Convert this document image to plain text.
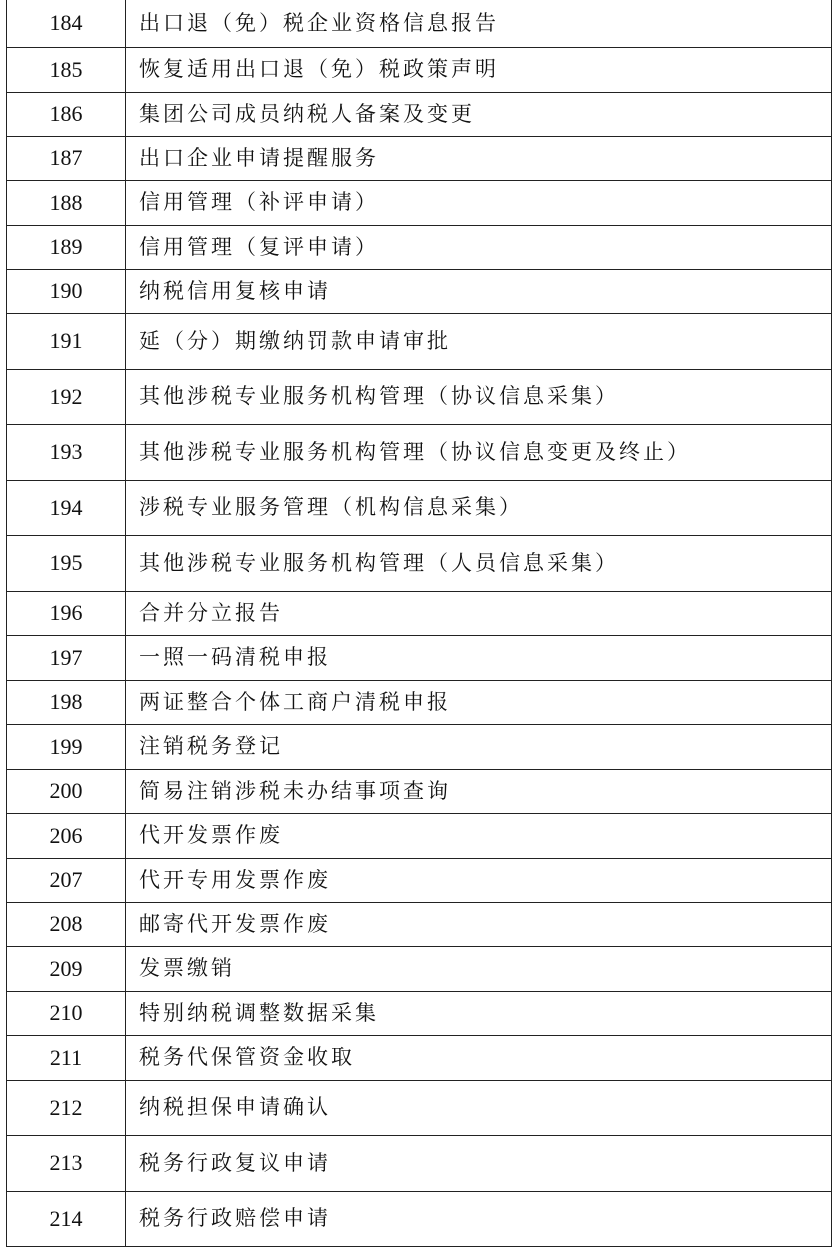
184	出口退（免）税企业资格信息报告
185	恢复适用出口退（免）税政策声明
186	集团公司成员纳税人备案及变更
187	出口企业申请提醒服务
188	信用管理（补评申请）
189	信用管理（复评申请）
190	纳税信用复核申请
191	延（分）期缴纳罚款申请审批
192	其他涉税专业服务机构管理（协议信息采集）
193	其他涉税专业服务机构管理（协议信息变更及终止）
194	涉税专业服务管理（机构信息采集）
195	其他涉税专业服务机构管理（人员信息采集）
196	合并分立报告
197	一照一码清税申报
198	两证整合个体工商户清税申报
199	注销税务登记
200	简易注销涉税未办结事项查询
206	代开发票作废
207	代开专用发票作废
208	邮寄代开发票作废
209	发票缴销
210	特别纳税调整数据采集
211	税务代保管资金收取
212	纳税担保申请确认
213	税务行政复议申请
214	税务行政赔偿申请
